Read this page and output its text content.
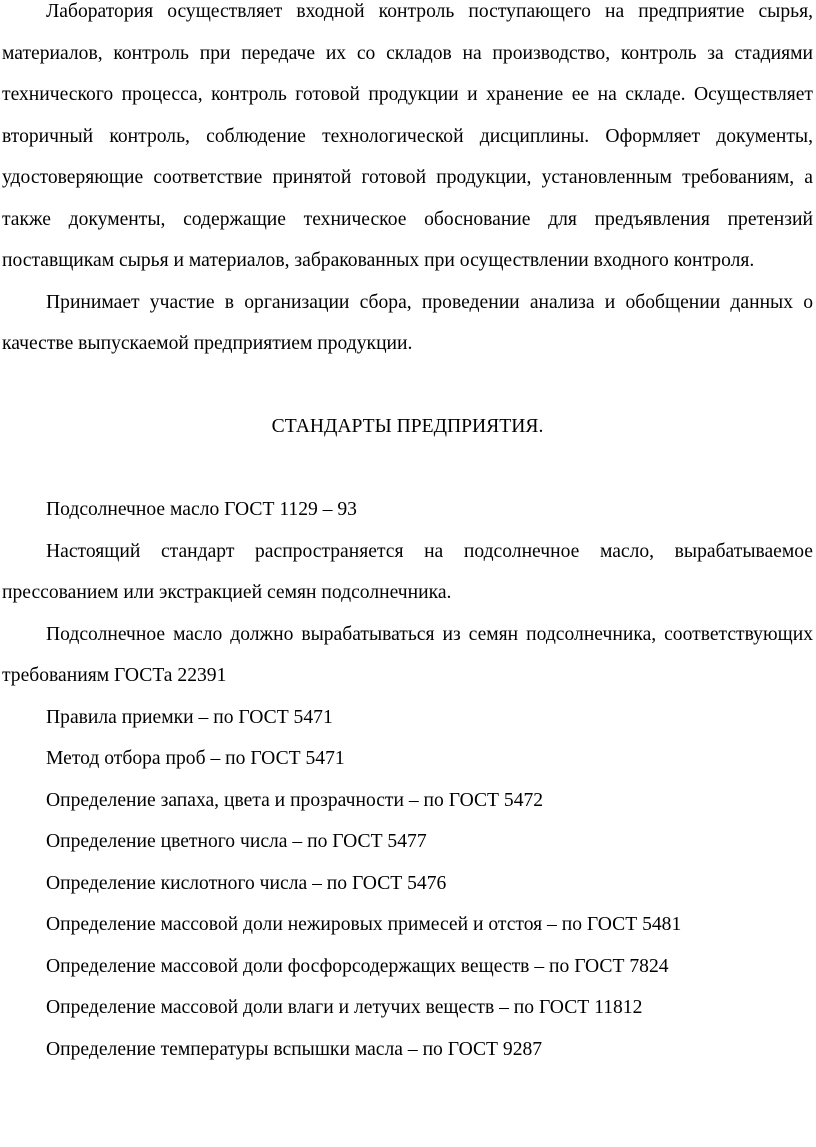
Лаборатория осуществляет входной контроль поступающего на предприятие сырья, материалов, контроль при передаче их со складов на производство, контроль за стадиями технического процесса, контроль готовой продукции и хранение ее на складе. Осуществляет вторичный контроль, соблюдение технологической дисциплины. Оформляет документы, удостоверяющие соответствие принятой готовой продукции, установленным требованиям, а также документы, содержащие техническое обоснование для предъявления претензий поставщикам сырья и материалов, забракованных при осуществлении входного контроля.

Принимает участие в организации сбора, проведении анализа и обобщении данных о качестве выпускаемой предприятием продукции.

СТАНДАРТЫ ПРЕДПРИЯТИЯ.

Подсолнечное масло ГОСТ 1129 – 93

Настоящий стандарт распространяется на подсолнечное масло, вырабатываемое прессованием или экстракцией семян подсолнечника.

Подсолнечное масло должно вырабатываться из семян подсолнечника, соответствующих требованиям ГОСТа 22391

Правила приемки – по ГОСТ 5471

Метод отбора проб – по ГОСТ 5471

Определение запаха, цвета и прозрачности – по ГОСТ 5472

Определение цветного числа – по ГОСТ 5477

Определение кислотного числа – по ГОСТ 5476

Определение массовой доли нежировых примесей и отстоя – по ГОСТ 5481

Определение массовой доли фосфорсодержащих веществ – по ГОСТ 7824

Определение массовой доли влаги и летучих веществ – по ГОСТ 11812

Определение температуры вспышки масла – по ГОСТ 9287
